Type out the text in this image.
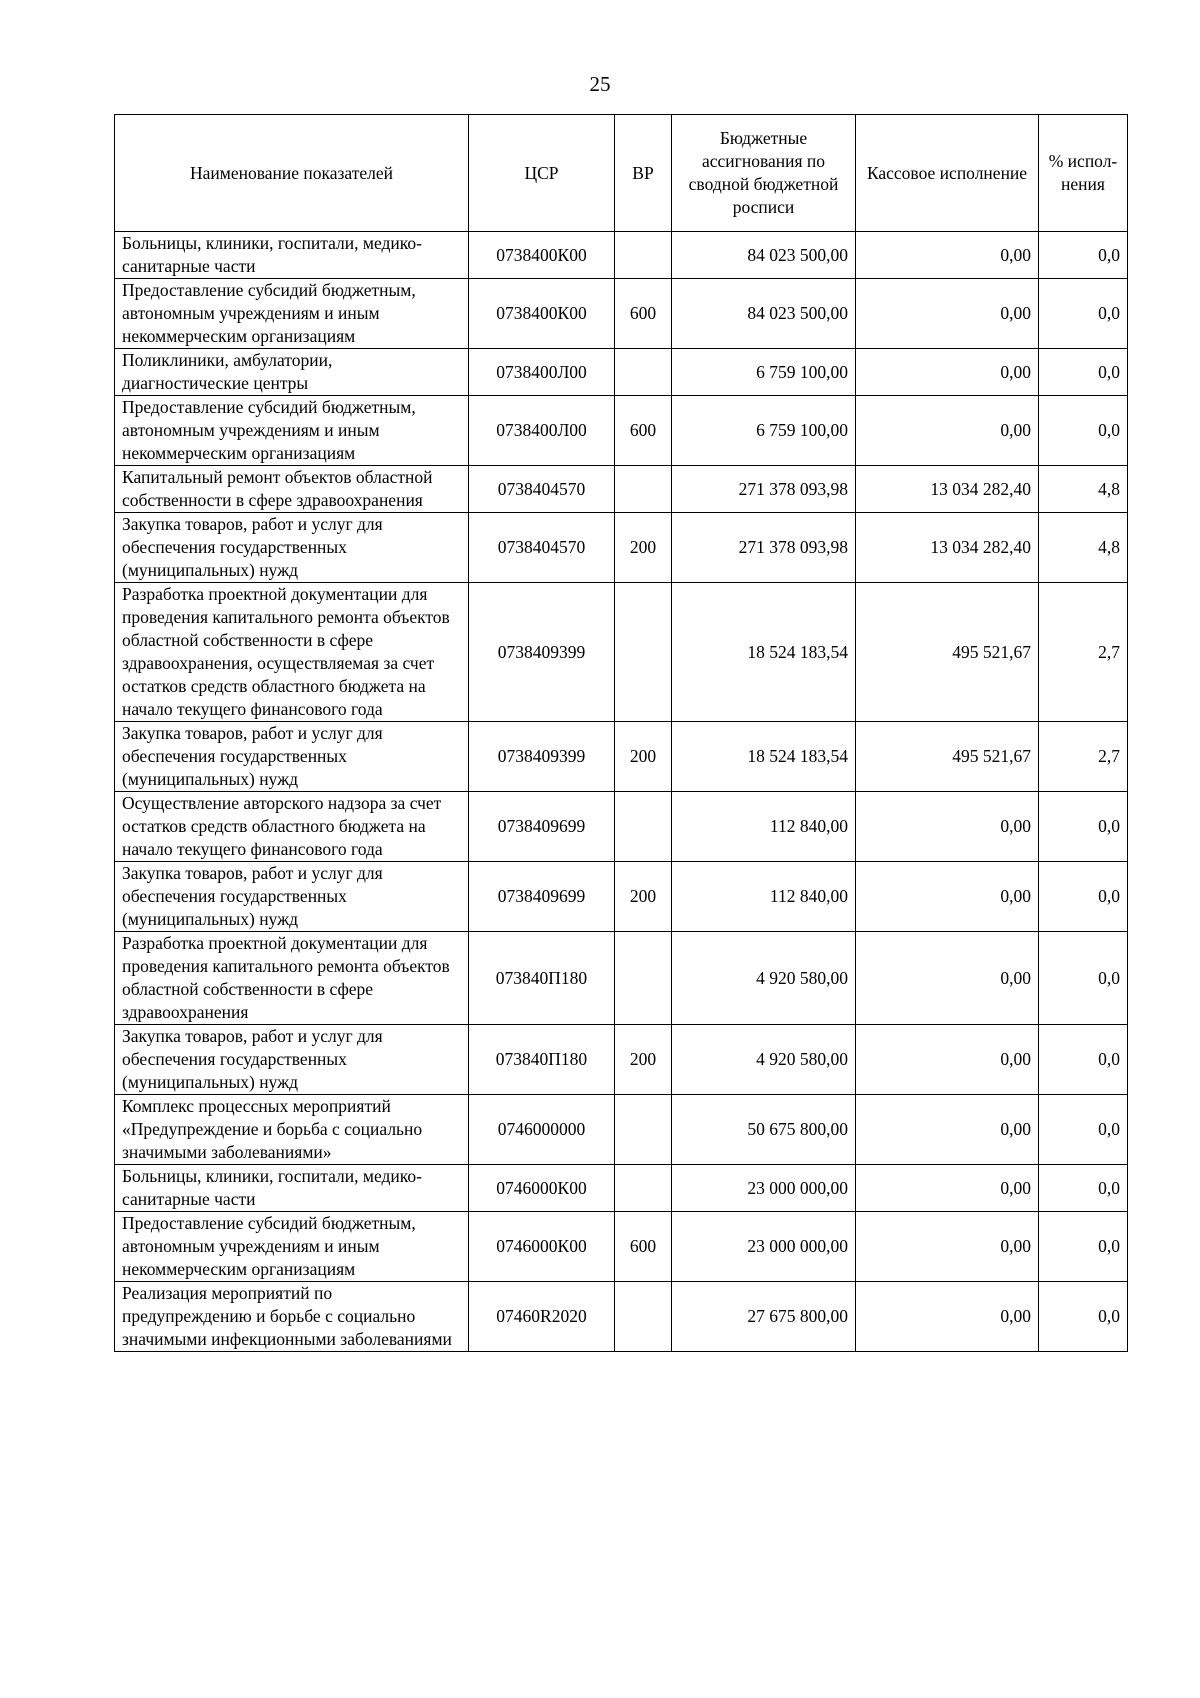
25
Наименование показателей	ЦСР	ВР	Бюджетные ассигнования по сводной бюджетной росписи	Кассовое исполнение	% испол-нения
Больницы, клиники, госпитали, медико-санитарные части	0738400К00		84 023 500,00	0,00	0,0
Предоставление субсидий бюджетным, автономным учреждениям и иным некоммерческим организациям	0738400К00	600	84 023 500,00	0,00	0,0
Поликлиники, амбулатории, диагностические центры	0738400Л00		6 759 100,00	0,00	0,0
Предоставление субсидий бюджетным, автономным учреждениям и иным некоммерческим организациям	0738400Л00	600	6 759 100,00	0,00	0,0
Капитальный ремонт объектов областной собственности в сфере здравоохранения	0738404570		271 378 093,98	13 034 282,40	4,8
Закупка товаров, работ и услуг для обеспечения государственных (муниципальных) нужд	0738404570	200	271 378 093,98	13 034 282,40	4,8
Разработка проектной документации для проведения капитального ремонта объектов областной собственности в сфере здравоохранения, осуществляемая за счет остатков средств областного бюджета на начало текущего финансового года	0738409399		18 524 183,54	495 521,67	2,7
Закупка товаров, работ и услуг для обеспечения государственных (муниципальных) нужд	0738409399	200	18 524 183,54	495 521,67	2,7
Осуществление авторского надзора за счет остатков средств областного бюджета на начало текущего финансового года	0738409699		112 840,00	0,00	0,0
Закупка товаров, работ и услуг для обеспечения государственных (муниципальных) нужд	0738409699	200	112 840,00	0,00	0,0
Разработка проектной документации для проведения капитального ремонта объектов областной собственности в сфере здравоохранения	073840П180		4 920 580,00	0,00	0,0
Закупка товаров, работ и услуг для обеспечения государственных (муниципальных) нужд	073840П180	200	4 920 580,00	0,00	0,0
Комплекс процессных мероприятий «Предупреждение и борьба с социально значимыми заболеваниями»	0746000000		50 675 800,00	0,00	0,0
Больницы, клиники, госпитали, медико-санитарные части	0746000К00		23 000 000,00	0,00	0,0
Предоставление субсидий бюджетным, автономным учреждениям и иным некоммерческим организациям	0746000К00	600	23 000 000,00	0,00	0,0
Реализация мероприятий по предупреждению и борьбе с социально значимыми инфекционными заболеваниями	07460R2020		27 675 800,00	0,00	0,0
